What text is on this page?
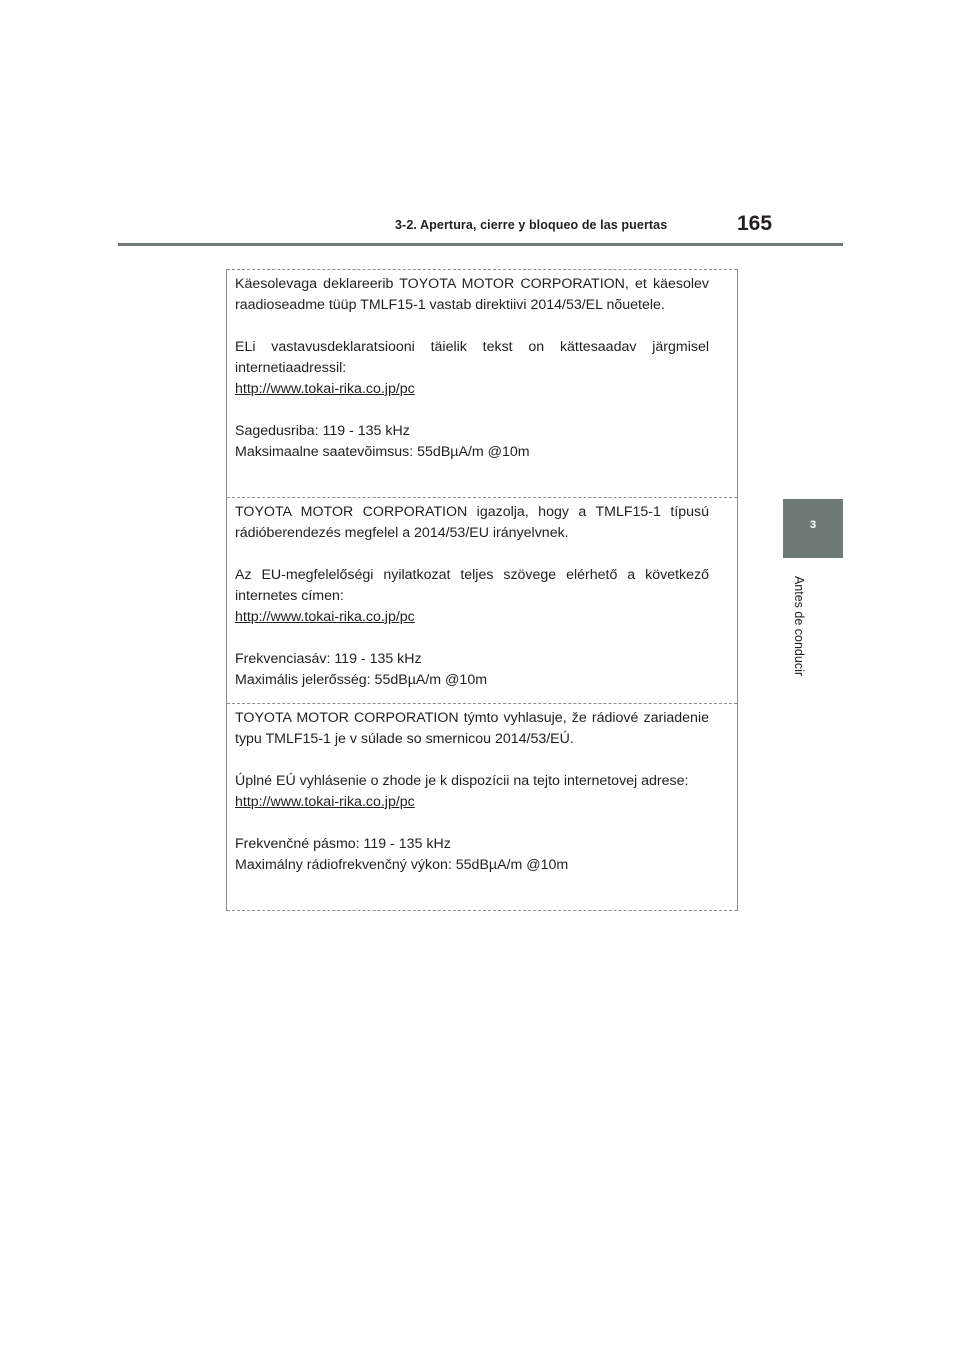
3-2. Apertura, cierre y bloqueo de las puertas	165
3
Antes de conducir

Käesolevaga deklareerib TOYOTA MOTOR CORPORATION, et käesolev raadioseadme tüüp TMLF15-1 vastab direktiivi 2014/53/EL nõuetele.

ELi vastavusdeklaratsiooni täielik tekst on kättesaadav järgmisel internetiaadressil:

http://www.tokai-rika.co.jp/pc

Sagedusriba: 119 - 135 kHz

Maksimaalne saatevõimsus: 55dBµA/m @10m

TOYOTA MOTOR CORPORATION igazolja, hogy a TMLF15-1 típusú rádióberendezés megfelel a 2014/53/EU irányelvnek.

Az EU-megfelelőségi nyilatkozat teljes szövege elérhető a következő internetes címen:

http://www.tokai-rika.co.jp/pc

Frekvenciasáv: 119 - 135 kHz

Maximális jelerősség: 55dBµA/m @10m

TOYOTA MOTOR CORPORATION týmto vyhlasuje, že rádiové zariadenie typu TMLF15-1 je v súlade so smernicou 2014/53/EÚ.

Úplné EÚ vyhlásenie o zhode je k dispozícii na tejto internetovej adrese:

http://www.tokai-rika.co.jp/pc

Frekvenčné pásmo: 119 - 135 kHz

Maximálny rádiofrekvenčný výkon: 55dBµA/m @10m
